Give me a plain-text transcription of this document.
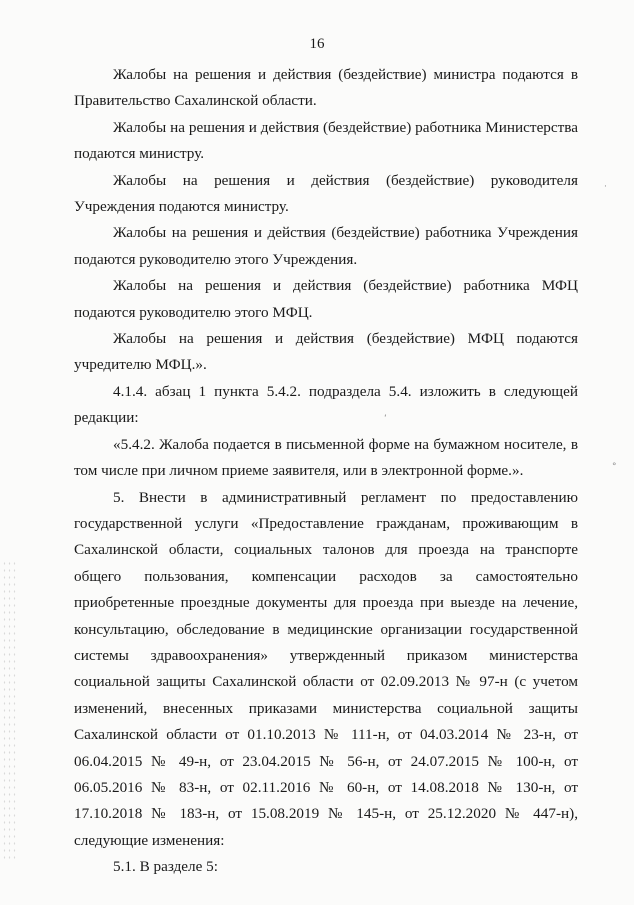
16

Жалобы на решения и действия (бездействие) министра подаются в Правительство Сахалинской области.

Жалобы на решения и действия (бездействие) работника Министерства подаются министру.

Жалобы на решения и действия (бездействие) руководителя Учреждения подаются министру.

Жалобы на решения и действия (бездействие) работника Учреждения подаются руководителю этого Учреждения.

Жалобы на решения и действия (бездействие) работника МФЦ подаются руководителю этого МФЦ.

Жалобы на решения и действия (бездействие) МФЦ подаются учредителю МФЦ.».

4.1.4. абзац 1 пункта 5.4.2. подраздела 5.4. изложить в следующей редакции:

«5.4.2. Жалоба подается в письменной форме на бумажном носителе, в том числе при личном приеме заявителя, или в электронной форме.».

5. Внести в административный регламент по предоставлению государственной услуги «Предоставление гражданам, проживающим в Сахалинской области, социальных талонов для проезда на транспорте общего пользования, компенсации расходов за самостоятельно приобретенные проездные документы для проезда при выезде на лечение, консультацию, обследование в медицинские организации государственной системы здравоохранения» утвержденный приказом министерства социальной защиты Сахалинской области от 02.09.2013 № 97-н (с учетом изменений, внесенных приказами министерства социальной защиты Сахалинской области от 01.10.2013 № 111-н, от 04.03.2014 № 23-н, от 06.04.2015 № 49-н, от 23.04.2015 № 56-н, от 24.07.2015 № 100-н, от 06.05.2016 № 83-н, от 02.11.2016 № 60-н, от 14.08.2018 № 130-н, от 17.10.2018 № 183-н, от 15.08.2019 № 145-н, от 25.12.2020 № 447-н), следующие изменения:

5.1. В разделе 5:

·
°
ʻ
